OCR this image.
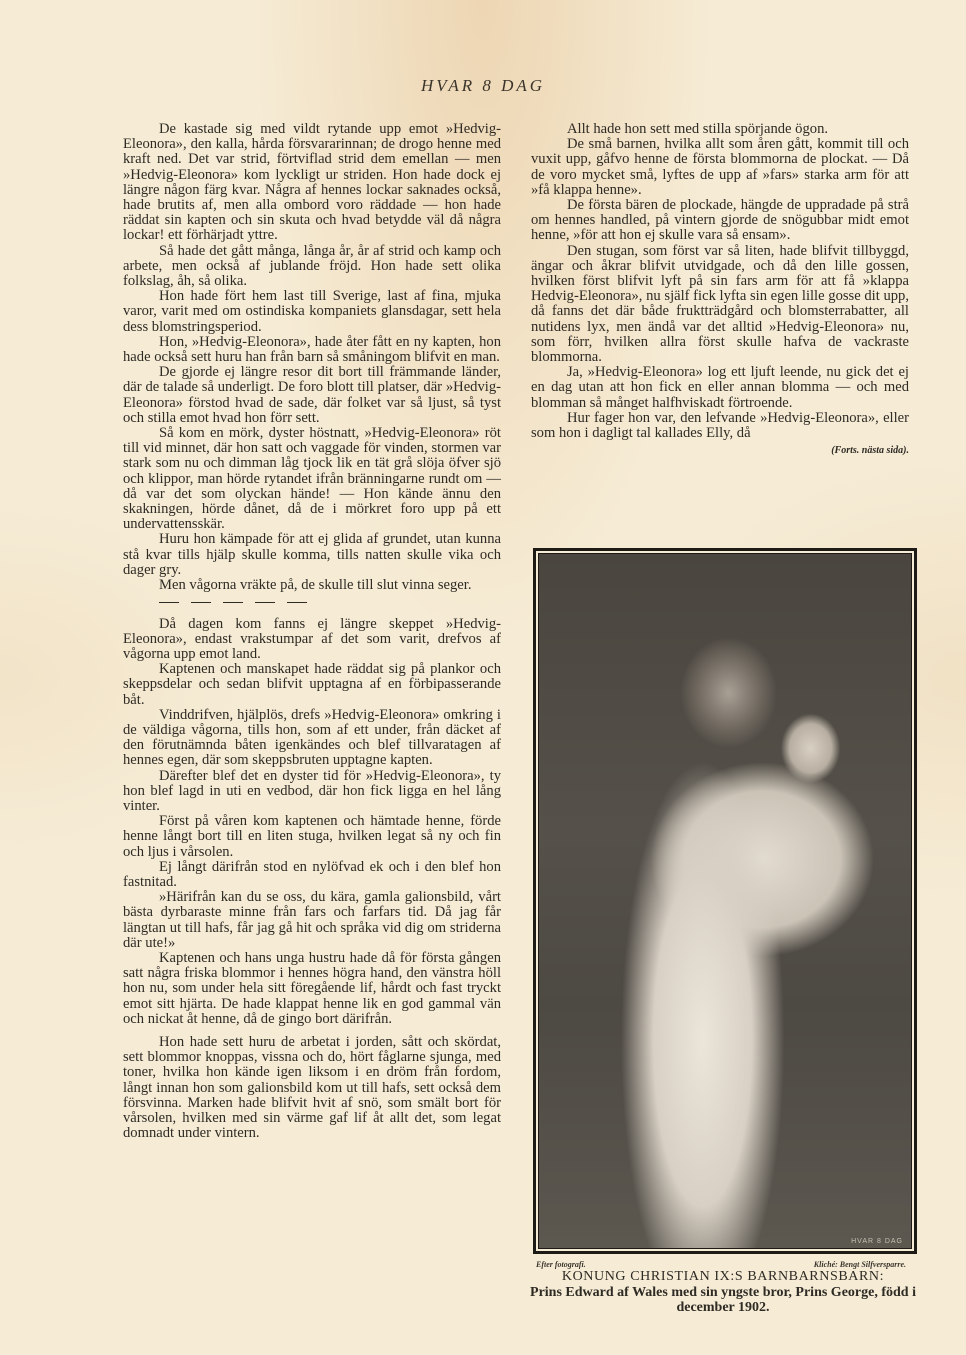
HVAR 8 DAG

De kastade sig med vildt rytande upp emot »Hedvig-Eleonora», den kalla, hårda försvararinnan; de drogo henne med kraft ned. Det var strid, förtviflad strid dem emellan — men »Hedvig-Eleonora» kom lyckligt ur striden. Hon hade dock ej längre någon färg kvar. Några af hennes lockar saknades också, hade brutits af, men alla ombord voro räddade — hon hade räddat sin kapten och sin skuta och hvad betydde väl då några lockar! ett förhärjadt yttre.

Så hade det gått många, långa år, år af strid och kamp och arbete, men också af jublande fröjd. Hon hade sett olika folkslag, åh, så olika.

Hon hade fört hem last till Sverige, last af fina, mjuka varor, varit med om ostindiska kompaniets glansdagar, sett hela dess blomstringsperiod.

Hon, »Hedvig-Eleonora», hade åter fått en ny kapten, hon hade också sett huru han från barn så småningom blifvit en man.

De gjorde ej längre resor dit bort till främmande länder, där de talade så underligt. De foro blott till platser, där »Hedvig-Eleonora» förstod hvad de sade, där folket var så ljust, så tyst och stilla emot hvad hon förr sett.

Så kom en mörk, dyster höstnatt, »Hedvig-Eleonora» röt till vid minnet, där hon satt och vaggade för vinden, stormen var stark som nu och dimman låg tjock lik en tät grå slöja öfver sjö och klippor, man hörde rytandet ifrån bränningarne rundt om — då var det som olyckan hände! — Hon kände ännu den skakningen, hörde dånet, då de i mörkret foro upp på ett undervattensskär.

Huru hon kämpade för att ej glida af grundet, utan kunna stå kvar tills hjälp skulle komma, tills natten skulle vika och dager gry.

Men vågorna vräkte på, de skulle till slut vinna seger.

Då dagen kom fanns ej längre skeppet »Hedvig-Eleonora», endast vrakstumpar af det som varit, drefvos af vågorna upp emot land.

Kaptenen och manskapet hade räddat sig på plankor och skeppsdelar och sedan blifvit upptagna af en förbipasserande båt.

Vinddrifven, hjälplös, drefs »Hedvig-Eleonora» omkring i de väldiga vågorna, tills hon, som af ett under, från däcket af den förutnämnda båten igenkändes och blef tillvaratagen af hennes egen, där som skeppsbruten upptagne kapten.

Därefter blef det en dyster tid för »Hedvig-Eleonora», ty hon blef lagd in uti en vedbod, där hon fick ligga en hel lång vinter.

Först på våren kom kaptenen och hämtade henne, förde henne långt bort till en liten stuga, hvilken legat så ny och fin och ljus i vårsolen.

Ej långt därifrån stod en nylöfvad ek och i den blef hon fastnitad.

»Härifrån kan du se oss, du kära, gamla galionsbild, vårt bästa dyrbaraste minne från fars och farfars tid. Då jag får längtan ut till hafs, får jag gå hit och språka vid dig om striderna där ute!»

Kaptenen och hans unga hustru hade då för första gången satt några friska blommor i hennes högra hand, den vänstra höll hon nu, som under hela sitt föregående lif, hårdt och fast tryckt emot sitt hjärta. De hade klappat henne lik en god gammal vän och nickat åt henne, då de gingo bort därifrån.

Hon hade sett huru de arbetat i jorden, sått och skördat, sett blommor knoppas, vissna och do, hört fåglarne sjunga, med toner, hvilka hon kände igen liksom i en dröm från fordom, långt innan hon som galionsbild kom ut till hafs, sett också dem försvinna. Marken hade blifvit hvit af snö, som smält bort för vårsolen, hvilken med sin värme gaf lif åt allt det, som legat domnadt under vintern.

Allt hade hon sett med stilla spörjande ögon.

De små barnen, hvilka allt som åren gått, kommit till och vuxit upp, gåfvo henne de första blommorna de plockat. — Då de voro mycket små, lyftes de upp af »fars» starka arm för att »få klappa henne».

De första bären de plockade, hängde de uppradade på strå om hennes handled, på vintern gjorde de snögubbar midt emot henne, »för att hon ej skulle vara så ensam».

Den stugan, som först var så liten, hade blifvit tillbyggd, ängar och åkrar blifvit utvidgade, och då den lille gossen, hvilken först blifvit lyft på sin fars arm för att få »klappa Hedvig-Eleonora», nu själf fick lyfta sin egen lille gosse dit upp, då fanns det där både fruktträdgård och blomsterrabatter, all nutidens lyx, men ändå var det alltid »Hedvig-Eleonora» nu, som förr, hvilken allra först skulle hafva de vackraste blommorna.

Ja, »Hedvig-Eleonora» log ett ljuft leende, nu gick det ej en dag utan att hon fick en eller annan blomma — och med blomman så månget halfhviskadt förtroende.

Hur fager hon var, den lefvande »Hedvig-Eleonora», eller som hon i dagligt tal kallades Elly, då

(Forts. nästa sida).
HVAR 8 DAG
Efter fotografi.	Kliché: Bengt Silfversparre.
KONUNG CHRISTIAN IX:S BARNBARNSBARN:
Prins Edward af Wales med sin yngste bror, Prins George, född i december 1902.
